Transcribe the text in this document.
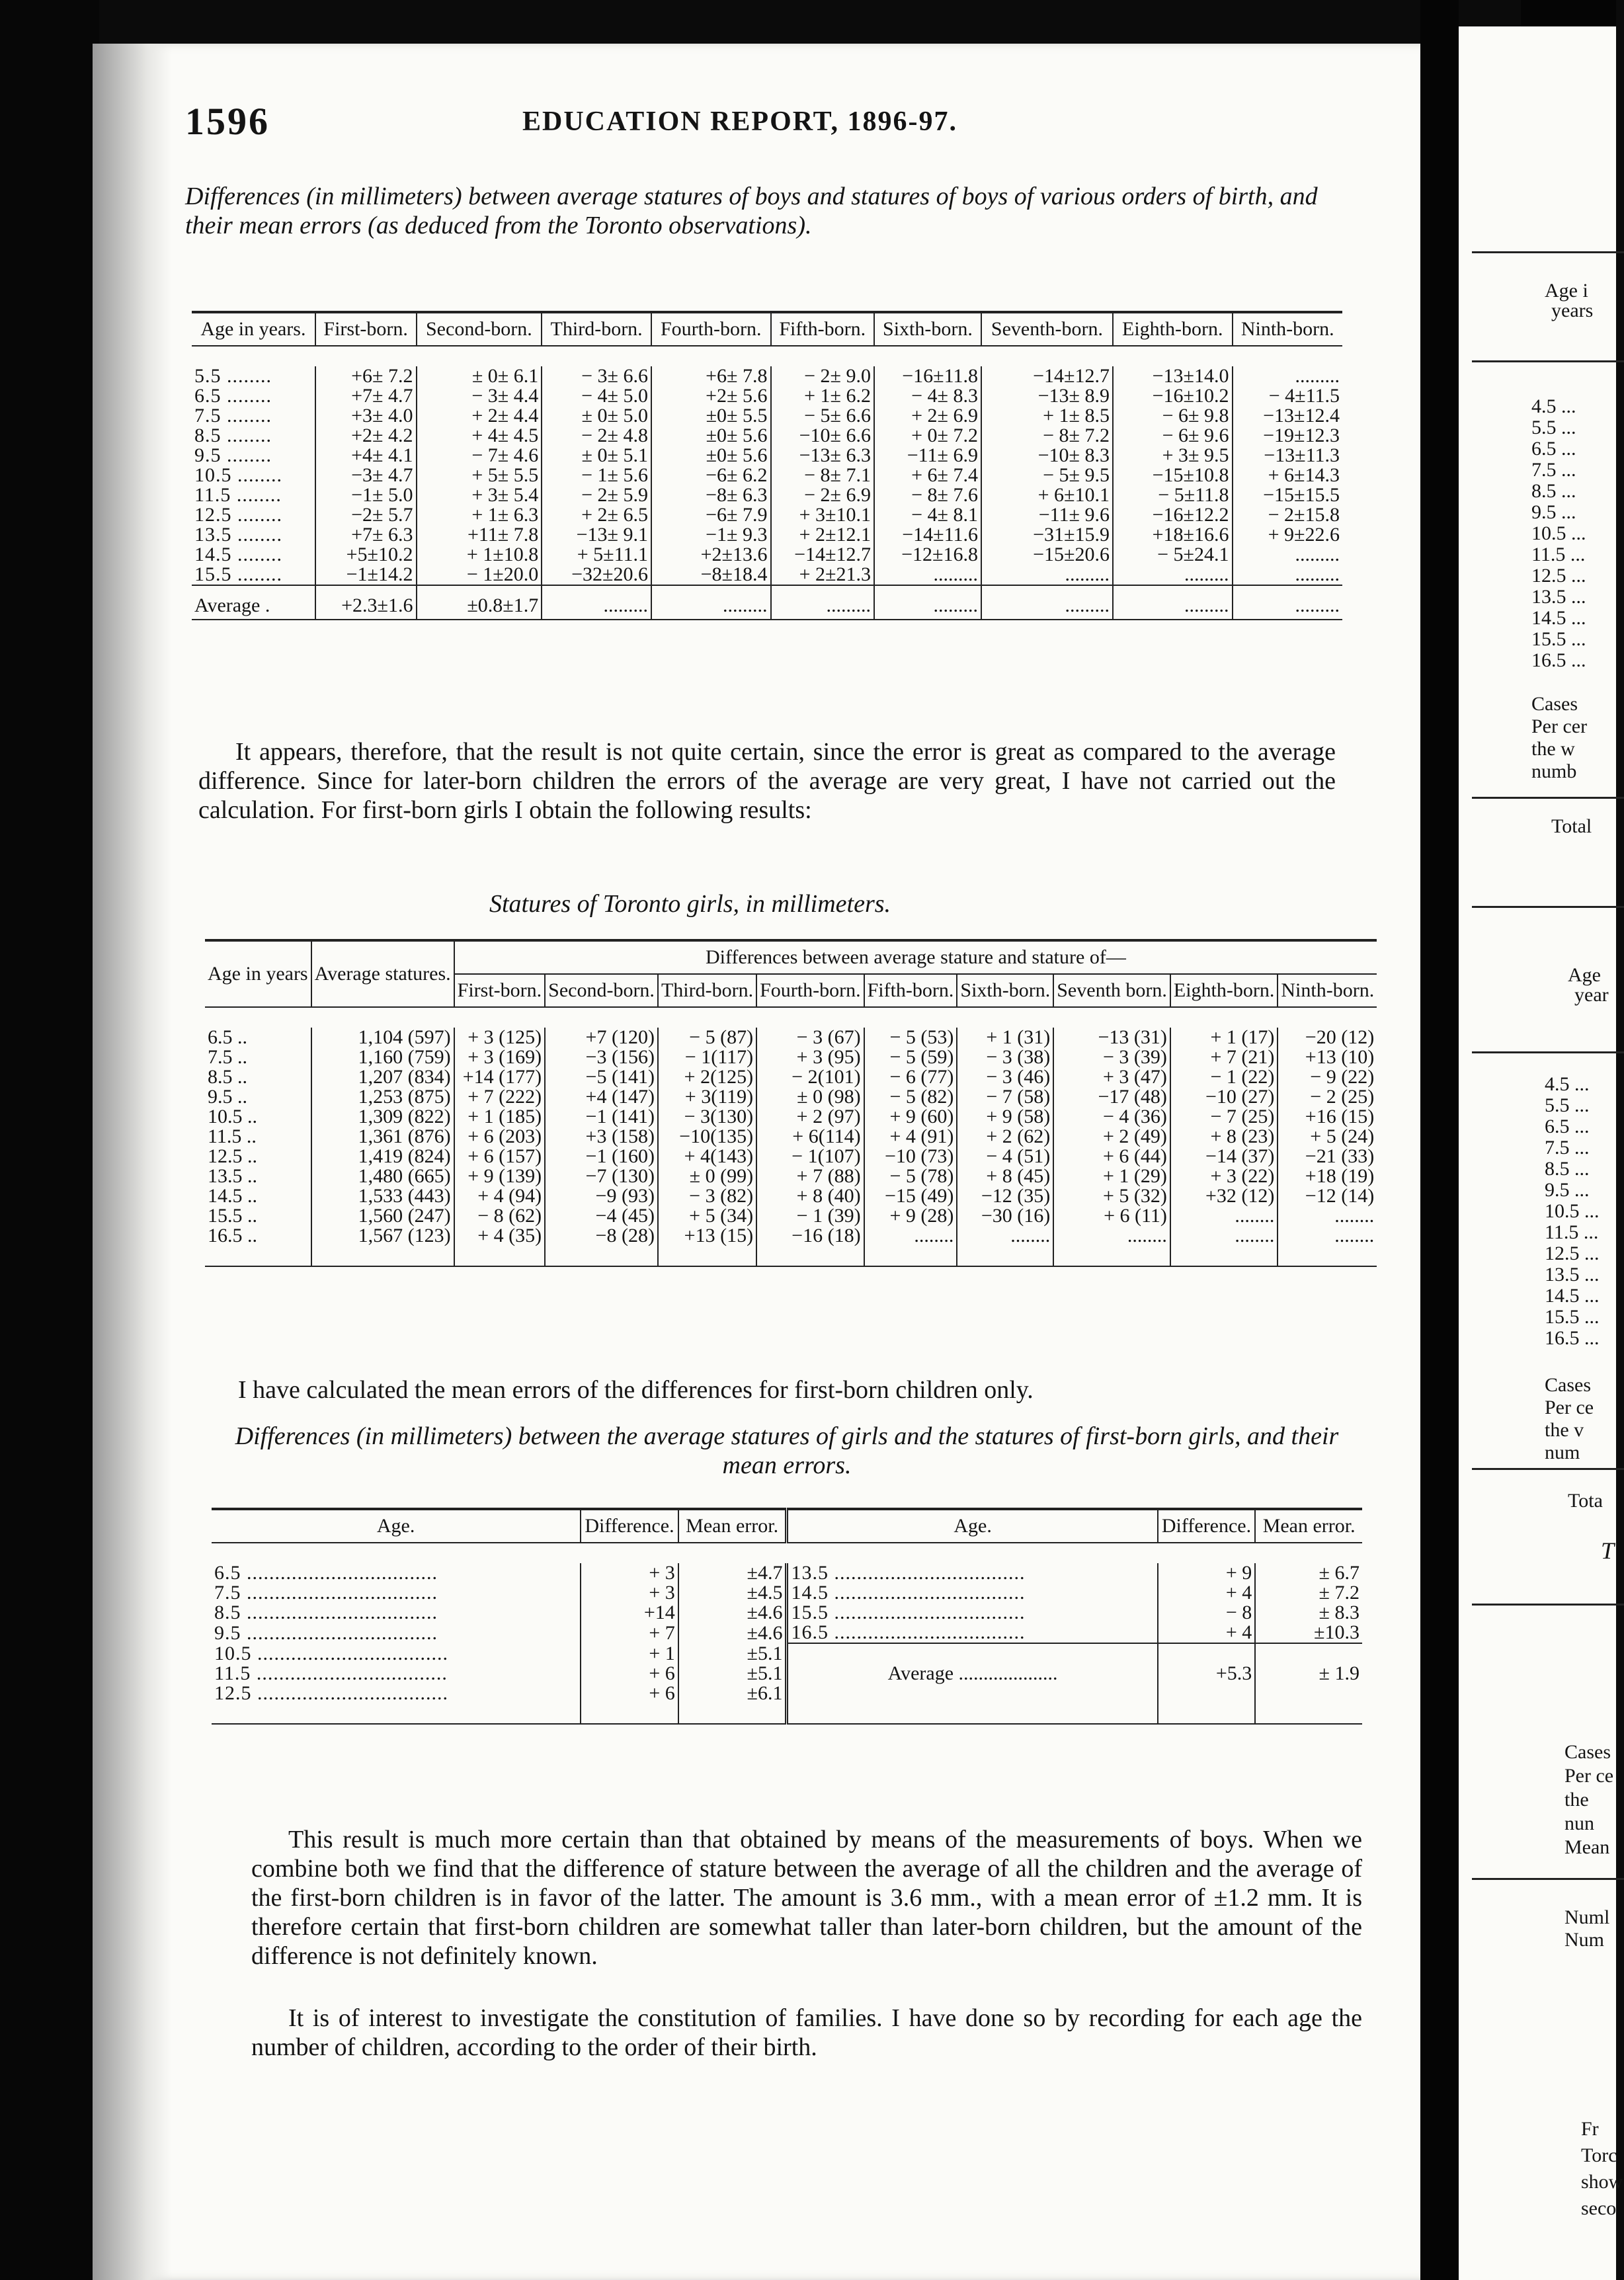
1596	EDUCATION REPORT, 1896-97.
Differences (in millimeters) between average statures of boys and statures of boys of various orders of birth, and their mean errors (as deduced from the Toronto observations).
Age in years.	First-born.	Second-born.	Third-born.	Fourth-born.	Fifth-born.	Sixth-born.	Seventh-born.	Eighth-born.	Ninth-born.

5.5 ........	+6± 7.2	± 0± 6.1	− 3± 6.6	+6± 7.8	− 2± 9.0	−16±11.8	−14±12.7	−13±14.0	.........
6.5 ........	+7± 4.7	− 3± 4.4	− 4± 5.0	+2± 5.6	+ 1± 6.2	− 4± 8.3	−13± 8.9	−16±10.2	− 4±11.5
7.5 ........	+3± 4.0	+ 2± 4.4	± 0± 5.0	±0± 5.5	− 5± 6.6	+ 2± 6.9	+ 1± 8.5	− 6± 9.8	−13±12.4
8.5 ........	+2± 4.2	+ 4± 4.5	− 2± 4.8	±0± 5.6	−10± 6.6	+ 0± 7.2	− 8± 7.2	− 6± 9.6	−19±12.3
9.5 ........	+4± 4.1	− 7± 4.6	± 0± 5.1	±0± 5.6	−13± 6.3	−11± 6.9	−10± 8.3	+ 3± 9.5	−13±11.3
10.5 ........	−3± 4.7	+ 5± 5.5	− 1± 5.6	−6± 6.2	− 8± 7.1	+ 6± 7.4	− 5± 9.5	−15±10.8	+ 6±14.3
11.5 ........	−1± 5.0	+ 3± 5.4	− 2± 5.9	−8± 6.3	− 2± 6.9	− 8± 7.6	+ 6±10.1	− 5±11.8	−15±15.5
12.5 ........	−2± 5.7	+ 1± 6.3	+ 2± 6.5	−6± 7.9	+ 3±10.1	− 4± 8.1	−11± 9.6	−16±12.2	− 2±15.8
13.5 ........	+7± 6.3	+11± 7.8	−13± 9.1	−1± 9.3	+ 2±12.1	−14±11.6	−31±15.9	+18±16.6	+ 9±22.6
14.5 ........	+5±10.2	+ 1±10.8	+ 5±11.1	+2±13.6	−14±12.7	−12±16.8	−15±20.6	− 5±24.1	.........
15.5 ........	−1±14.2	− 1±20.0	−32±20.6	−8±18.4	+ 2±21.3	.........	.........	.........	.........
Average .	+2.3±1.6	±0.8±1.7	.........	.........	.........	.........	.........	.........	.........

It appears, therefore, that the result is not quite certain, since the error is great as compared to the average difference. Since for later-born children the errors of the average are very great, I have not carried out the calculation. For first-born girls I obtain the following results:

Statures of Toronto girls, in millimeters.
Age in years	Average statures.	Differences between average stature and stature of—								
		First-born.	Second-born.	Third-born.	Fourth-born.	Fifth-born.	Sixth-born.	Seventh born.	Eighth-born.	Ninth-born.

6.5 ..	1,104 (597)	+ 3 (125)	+7 (120)	− 5 (87)	− 3 (67)	− 5 (53)	+ 1 (31)	−13 (31)	+ 1 (17)	−20 (12)
7.5 ..	1,160 (759)	+ 3 (169)	−3 (156)	− 1(117)	+ 3 (95)	− 5 (59)	− 3 (38)	− 3 (39)	+ 7 (21)	+13 (10)
8.5 ..	1,207 (834)	+14 (177)	−5 (141)	+ 2(125)	− 2(101)	− 6 (77)	− 3 (46)	+ 3 (47)	− 1 (22)	− 9 (22)
9.5 ..	1,253 (875)	+ 7 (222)	+4 (147)	+ 3(119)	± 0 (98)	− 5 (82)	− 7 (58)	−17 (48)	−10 (27)	− 2 (25)
10.5 ..	1,309 (822)	+ 1 (185)	−1 (141)	− 3(130)	+ 2 (97)	+ 9 (60)	+ 9 (58)	− 4 (36)	− 7 (25)	+16 (15)
11.5 ..	1,361 (876)	+ 6 (203)	+3 (158)	−10(135)	+ 6(114)	+ 4 (91)	+ 2 (62)	+ 2 (49)	+ 8 (23)	+ 5 (24)
12.5 ..	1,419 (824)	+ 6 (157)	−1 (160)	+ 4(143)	− 1(107)	−10 (73)	− 4 (51)	+ 6 (44)	−14 (37)	−21 (33)
13.5 ..	1,480 (665)	+ 9 (139)	−7 (130)	± 0 (99)	+ 7 (88)	− 5 (78)	+ 8 (45)	+ 1 (29)	+ 3 (22)	+18 (19)
14.5 ..	1,533 (443)	+ 4 (94)	−9 (93)	− 3 (82)	+ 8 (40)	−15 (49)	−12 (35)	+ 5 (32)	+32 (12)	−12 (14)
15.5 ..	1,560 (247)	− 8 (62)	−4 (45)	+ 5 (34)	− 1 (39)	+ 9 (28)	−30 (16)	+ 6 (11)	........	........
16.5 ..	1,567 (123)	+ 4 (35)	−8 (28)	+13 (15)	−16 (18)	........	........	........	........	........

I have calculated the mean errors of the differences for first-born children only.

Differences (in millimeters) between the average statures of girls and the statures of first-born girls, and their mean errors.
Age.	Difference.	Mean error.	Age.	Difference.	Mean error.

6.5 ..................................	+ 3	±4.7	13.5 ..................................	+ 9	± 6.7
7.5 ..................................	+ 3	±4.5	14.5 ..................................	+ 4	± 7.2
8.5 ..................................	+14	±4.6	15.5 ..................................	− 8	± 8.3
9.5 ..................................	+ 7	±4.6	16.5 ..................................	+ 4	±10.3
10.5 ..................................	+ 1	±5.1			
11.5 ..................................	+ 6	±5.1	Average ....................	+5.3	± 1.9
12.5 ..................................	+ 6	±6.1			

This result is much more certain than that obtained by means of the measurements of boys. When we combine both we find that the difference of stature between the average of all the children and the average of the first-born children is in favor of the latter. The amount is 3.6 mm., with a mean error of ±1.2 mm. It is therefore certain that first-born children are somewhat taller than later-born children, but the amount of the difference is not definitely known.

It is of interest to investigate the constitution of families. I have done so by recording for each age the number of children, according to the order of their birth.

Age i
years
4.5 ...
5.5 ...
6.5 ...
7.5 ...
8.5 ...
9.5 ...
10.5 ...
11.5 ...
12.5 ...
13.5 ...
14.5 ...
15.5 ...
16.5 ...
Cases
Per cer
the w
numb
Total
Age
year
4.5 ...
5.5 ...
6.5 ...
7.5 ...
8.5 ...
9.5 ...
10.5 ...
11.5 ...
12.5 ...
13.5 ...
14.5 ...
15.5 ...
16.5 ...
Cases
Per ce
the v
num
Tota
T
Cases
Per ce
the
nun
Mean
Numl
Num
Fr
Torc
show
seco
